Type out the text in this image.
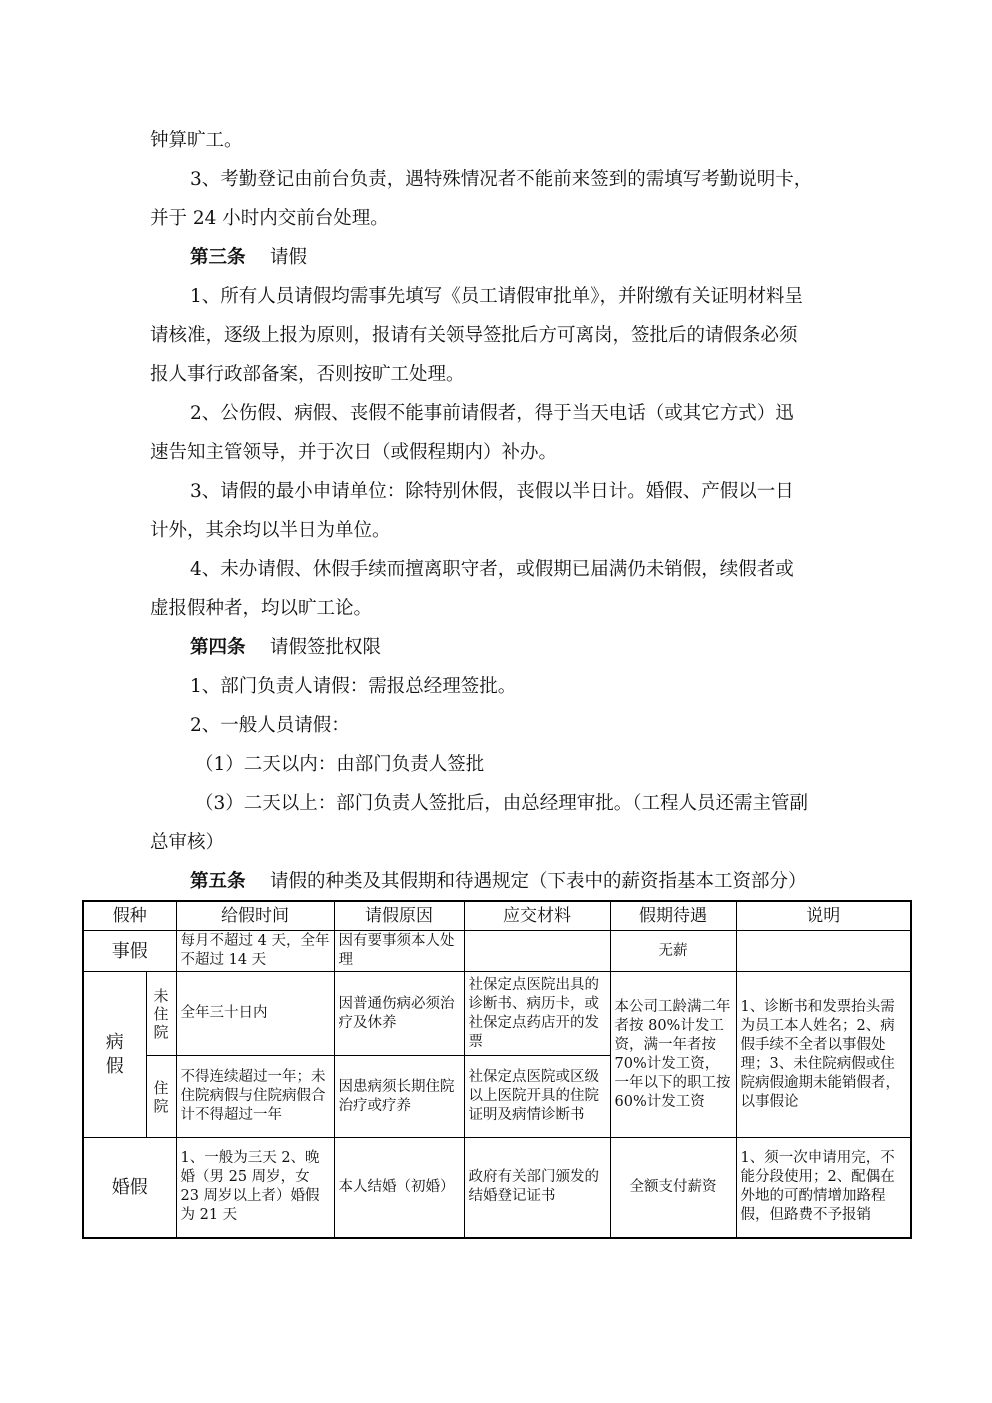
钟算旷工。
3、考勤登记由前台负责，遇特殊情况者不能前来签到的需填写考勤说明卡，
并于 24 小时内交前台处理。
第三条 请假
1、所有人员请假均需事先填写《员工请假审批单》，并附缴有关证明材料呈
请核准，逐级上报为原则，报请有关领导签批后方可离岗，签批后的请假条必须
报人事行政部备案，否则按旷工处理。
2、公伤假、病假、丧假不能事前请假者，得于当天电话（或其它方式）迅
速告知主管领导，并于次日（或假程期内）补办。
3、请假的最小申请单位：除特别休假，丧假以半日计。婚假、产假以一日
计外，其余均以半日为单位。
4、未办请假、休假手续而擅离职守者，或假期已届满仍未销假，续假者或
虚报假种者，均以旷工论。
第四条 请假签批权限
1、部门负责人请假：需报总经理签批。
2、一般人员请假：
（1）二天以内：由部门负责人签批
（3）二天以上：部门负责人签批后，由总经理审批。（工程人员还需主管副
总审核）
第五条 请假的种类及其假期和待遇规定（下表中的薪资指基本工资部分）
假种		给假时间	请假原因	应交材料	假期待遇	说明
事假		每月不超过 4 天，全年不超过 14 天	因有要事须本人处理		无薪	

病假	未住院	全年三十日内	因普通伤病必须治疗及休养	社保定点医院出具的诊断书、病历卡，或社保定点药店开的发票	本公司工龄满二年者按 80%计发工资，满一年者按 70%计发工资，一年以下的职工按 60%计发工资	1、诊断书和发票抬头需为员工本人姓名；2、病假手续不全者以事假处理；3、未住院病假或住院病假逾期未能销假者，以事假论

	住院	不得连续超过一年；未住院病假与住院病假合计不得超过一年	因患病须长期住院治疗或疗养	社保定点医院或区级以上医院开具的住院证明及病情诊断书		
婚假		1、一般为三天 2、晚婚（男 25 周岁，女 23 周岁以上者）婚假为 21 天	本人结婚（初婚）	政府有关部门颁发的结婚登记证书	全额支付薪资	1、须一次申请用完，不能分段使用；2、配偶在外地的可酌情增加路程假，但路费不予报销
